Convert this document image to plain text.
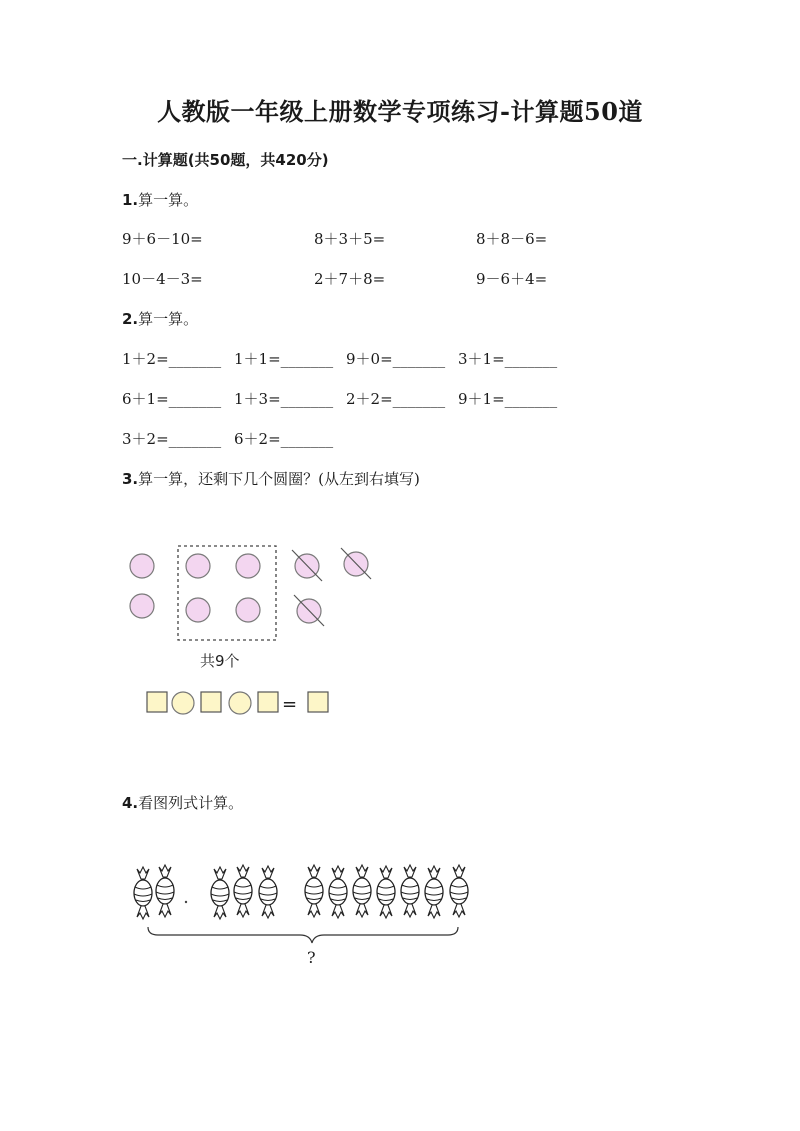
人教版一年级上册数学专项练习-计算题50道
一.计算题(共50题，共420分)
1.算一算。
9＋6－10=	8＋3＋5=	8＋8－6=
10－4－3=	2＋7＋8=	9－6＋4=
2.算一算。
1＋2=_______ 1＋1=_______ 9＋0=_______ 3＋1=_______
6＋1=_______ 1＋3=_______ 2＋2=_______ 9＋1=_______
3＋2=_______ 6＋2=_______
3.算一算，还剩下几个圆圈？(从左到右填写)
共9个
=
4.看图列式计算。
?
